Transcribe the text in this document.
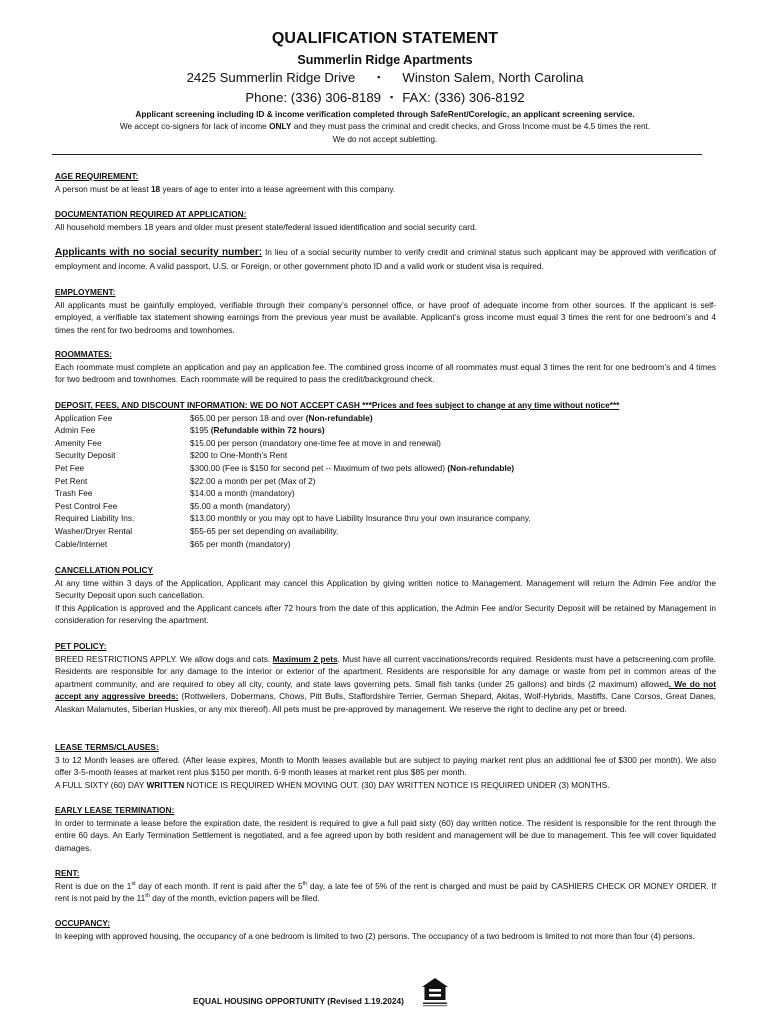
QUALIFICATION STATEMENT
Summerlin Ridge Apartments
2425 Summerlin Ridge Drive ▪ Winston Salem, North Carolina
Phone: (336) 306-8189 ▪ FAX: (336) 306-8192
Applicant screening including ID & income verification completed through SafeRent/Corelogic, an applicant screening service.
We accept co-signers for lack of income ONLY and they must pass the criminal and credit checks, and Gross Income must be 4.5 times the rent.
We do not accept subletting.
AGE REQUIREMENT:
A person must be at least 18 years of age to enter into a lease agreement with this company.
DOCUMENTATION REQUIRED AT APPLICATION:
All household members 18 years and older must present state/federal issued identification and social security card.
Applicants with no social security number: In lieu of a social security number to verify credit and criminal status such applicant may be approved with verification of employment and income. A valid passport, U.S. or Foreign, or other government photo ID and a valid work or student visa is required.
EMPLOYMENT:
All applicants must be gainfully employed, verifiable through their company’s personnel office, or have proof of adequate income from other sources. If the applicant is self-employed, a verifiable tax statement showing earnings from the previous year must be available. Applicant’s gross income must equal 3 times the rent for one bedroom’s and 4 times the rent for two bedrooms and townhomes.
ROOMMATES:
Each roommate must complete an application and pay an application fee. The combined gross income of all roommates must equal 3 times the rent for one bedroom’s and 4 times for two bedroom and townhomes. Each roommate will be required to pass the credit/background check.
DEPOSIT, FEES, AND DISCOUNT INFORMATION: WE DO NOT ACCEPT CASH ***Prices and fees subject to change at any time without notice***
Application Fee	$65.00 per person 18 and over (Non-refundable)
Admin Fee	$195 (Refundable within 72 hours)
Amenity Fee	$15.00 per person (mandatory one-time fee at move in and renewal)
Security Deposit	$200 to One-Month’s Rent
Pet Fee	$300.00 (Fee is $150 for second pet -- Maximum of two pets allowed) (Non-refundable)
Pet Rent	$22.00 a month per pet (Max of 2)
Trash Fee	$14.00 a month (mandatory)
Pest Control Fee	$5.00 a month (mandatory)
Required Liability Ins.	$13.00 monthly or you may opt to have Liability Insurance thru your own insurance company.
Washer/Dryer Rental	$55-65 per set depending on availability.
Cable/Internet	$65 per month (mandatory)
CANCELLATION POLICY
At any time within 3 days of the Application, Applicant may cancel this Application by giving written notice to Management. Management will return the Admin Fee and/or the Security Deposit upon such cancellation.
If this Application is approved and the Applicant cancels after 72 hours from the date of this application, the Admin Fee and/or Security Deposit will be retained by Management in consideration for reserving the apartment.
PET POLICY:
BREED RESTRICTIONS APPLY. We allow dogs and cats. Maximum 2 pets. Must have all current vaccinations/records required. Residents must have a petscreening.com profile. Residents are responsible for any damage to the interior or exterior of the apartment. Residents are responsible for any damage or waste from pet in common areas of the apartment community, and are required to obey all city, county, and state laws governing pets. Small fish tanks (under 25 gallons) and birds (2 maximum) allowed. We do not accept any aggressive breeds: (Rottweilers, Dobermans, Chows, Pitt Bulls, Staffordshire Terrier, German Shepard, Akitas, Wolf-Hybrids, Mastiffs, Cane Corsos, Great Danes, Alaskan Malamutes, Siberian Huskies, or any mix thereof). All pets must be pre-approved by management. We reserve the right to decline any pet or breed.
LEASE TERMS/CLAUSES:
3 to 12 Month leases are offered. (After lease expires, Month to Month leases available but are subject to paying market rent plus an additional fee of $300 per month). We also offer 3-5-month leases at market rent plus $150 per month. 6-9 month leases at market rent plus $85 per month.
A FULL SIXTY (60) DAY WRITTEN NOTICE IS REQUIRED WHEN MOVING OUT. (30) DAY WRITTEN NOTICE IS REQUIRED UNDER (3) MONTHS.
EARLY LEASE TERMINATION:
In order to terminate a lease before the expiration date, the resident is required to give a full paid sixty (60) day written notice. The resident is responsible for the rent through the entire 60 days. An Early Termination Settlement is negotiated, and a fee agreed upon by both resident and management will be due to management. This fee will cover liquidated damages.
RENT:
Rent is due on the 1st day of each month. If rent is paid after the 5th day, a late fee of 5% of the rent is charged and must be paid by CASHIERS CHECK OR MONEY ORDER. If rent is not paid by the 11th day of the month, eviction papers will be filed.
OCCUPANCY:
In keeping with approved housing, the occupancy of a one bedroom is limited to two (2) persons. The occupancy of a two bedroom is limited to not more than four (4) persons.
EQUAL HOUSING OPPORTUNITY (Revised 1.19.2024)
